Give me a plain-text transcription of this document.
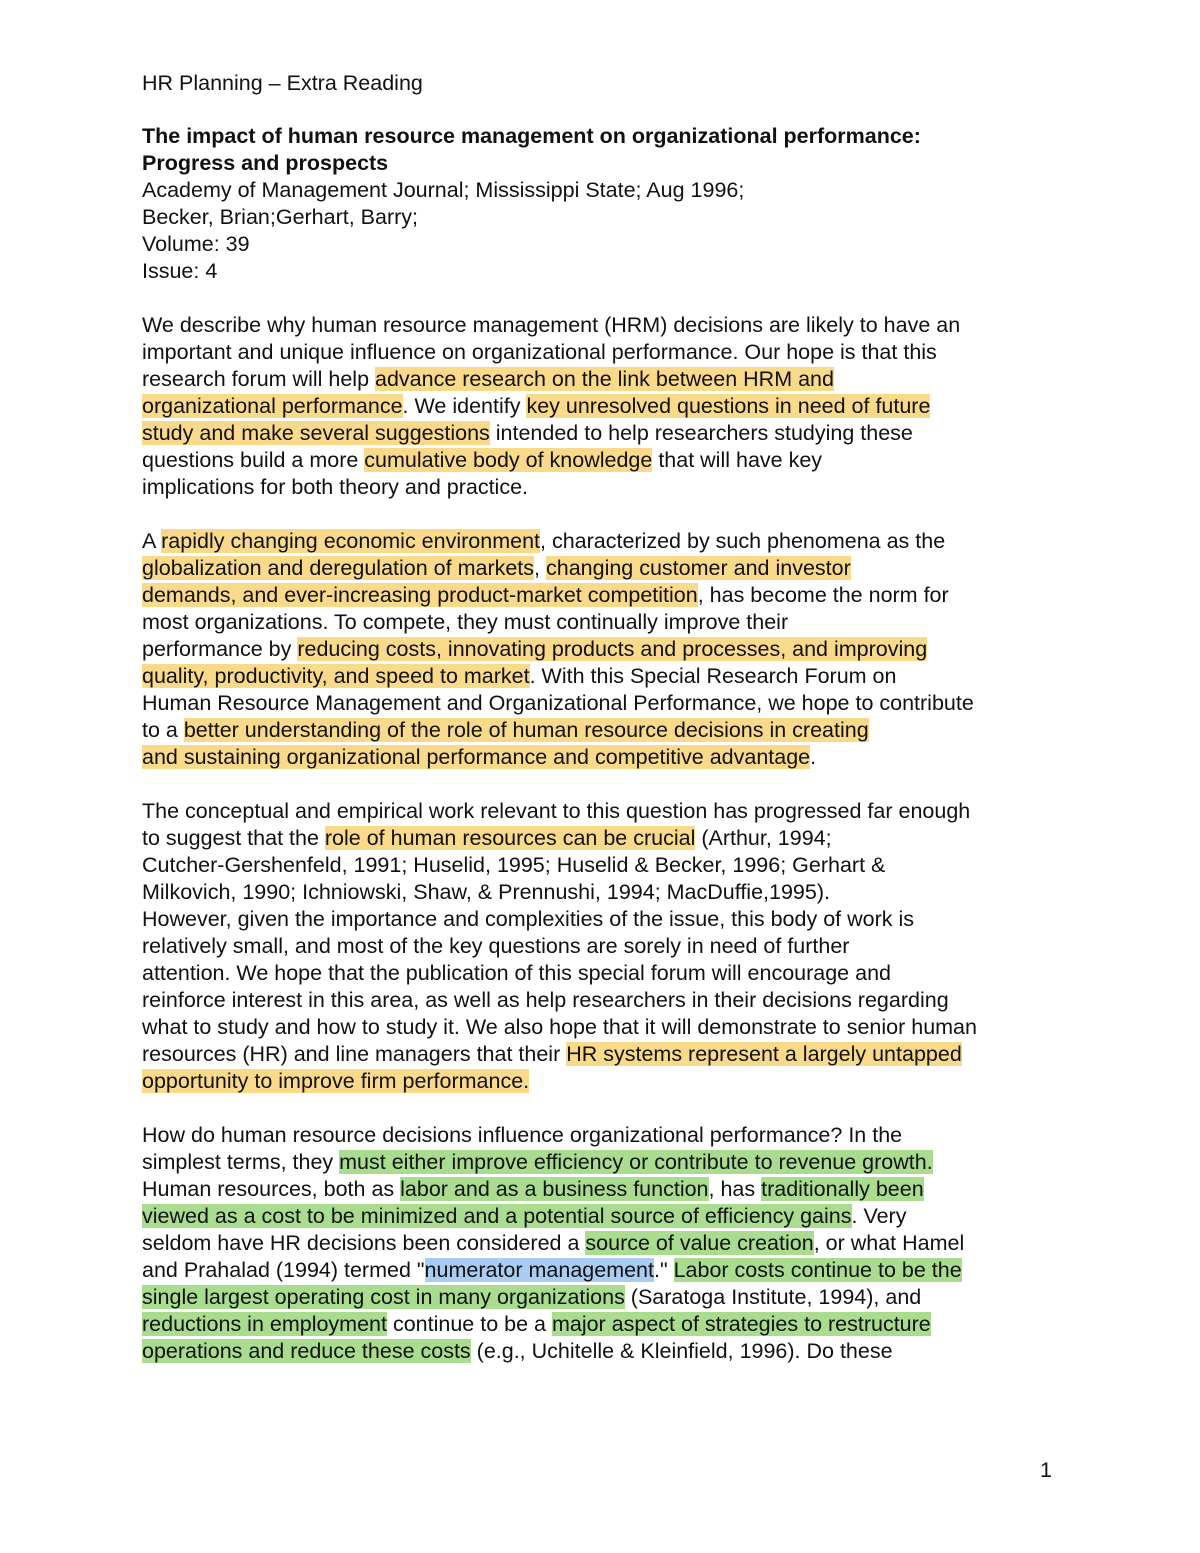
HR Planning – Extra Reading

The impact of human resource management on organizational performance:

Progress and prospects

Academy of Management Journal; Mississippi State; Aug 1996;

Becker, Brian;Gerhart, Barry;

Volume: 39

Issue: 4

We describe why human resource management (HRM) decisions are likely to have an

important and unique influence on organizational performance. Our hope is that this

research forum will help advance research on the link between HRM and

organizational performance. We identify key unresolved questions in need of future

study and make several suggestions intended to help researchers studying these

questions build a more cumulative body of knowledge that will have key

implications for both theory and practice.

A rapidly changing economic environment, characterized by such phenomena as the

globalization and deregulation of markets, changing customer and investor

demands, and ever-increasing product-market competition, has become the norm for

most organizations. To compete, they must continually improve their

performance by reducing costs, innovating products and processes, and improving

quality, productivity, and speed to market. With this Special Research Forum on

Human Resource Management and Organizational Performance, we hope to contribute

to a better understanding of the role of human resource decisions in creating

and sustaining organizational performance and competitive advantage.

The conceptual and empirical work relevant to this question has progressed far enough

to suggest that the role of human resources can be crucial (Arthur, 1994;

Cutcher-Gershenfeld, 1991; Huselid, 1995; Huselid & Becker, 1996; Gerhart &

Milkovich, 1990; Ichniowski, Shaw, & Prennushi, 1994; MacDuffie,1995).

However, given the importance and complexities of the issue, this body of work is

relatively small, and most of the key questions are sorely in need of further

attention. We hope that the publication of this special forum will encourage and

reinforce interest in this area, as well as help researchers in their decisions regarding

what to study and how to study it. We also hope that it will demonstrate to senior human

resources (HR) and line managers that their HR systems represent a largely untapped

opportunity to improve firm performance.

How do human resource decisions influence organizational performance? In the

simplest terms, they must either improve efficiency or contribute to revenue growth.

Human resources, both as labor and as a business function, has traditionally been

viewed as a cost to be minimized and a potential source of efficiency gains. Very

seldom have HR decisions been considered a source of value creation, or what Hamel

and Prahalad (1994) termed "numerator management." Labor costs continue to be the

single largest operating cost in many organizations (Saratoga Institute, 1994), and

reductions in employment continue to be a major aspect of strategies to restructure

operations and reduce these costs (e.g., Uchitelle & Kleinfield, 1996). Do these

1
